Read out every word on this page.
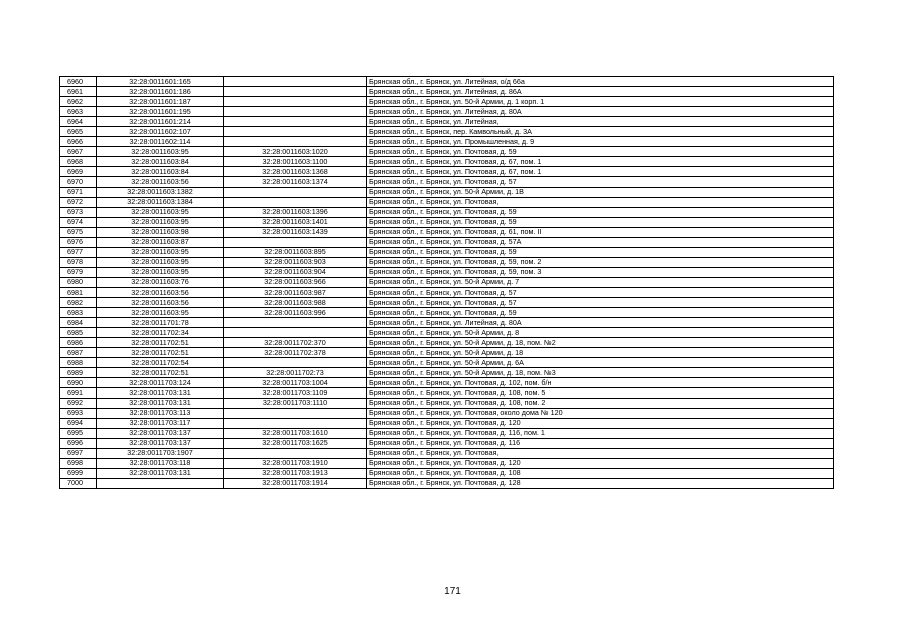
6960	32:28:0011601:165		Брянская обл., г. Брянск, ул. Литейная, о/д 66а
6961	32:28:0011601:186		Брянская обл., г. Брянск, ул. Литейная, д. 86А
6962	32:28:0011601:187		Брянская обл., г. Брянск, ул. 50-й Армии, д. 1 корп. 1
6963	32:28:0011601:195		Брянская обл., г. Брянск, ул. Литейная, д. 80А
6964	32:28:0011601:214		Брянская обл., г. Брянск, ул. Литейная,
6965	32:28:0011602:107		Брянская обл., г. Брянск, пер. Камвольный, д. 3А
6966	32:28:0011602:114		Брянская обл., г. Брянск, ул. Промышленная, д. 9
6967	32:28:0011603:95	32:28:0011603:1020	Брянская обл., г. Брянск, ул. Почтовая, д. 59
6968	32:28:0011603:84	32:28:0011603:1100	Брянская обл., г. Брянск, ул. Почтовая, д. 67, пом. 1
6969	32:28:0011603:84	32:28:0011603:1368	Брянская обл., г. Брянск, ул. Почтовая, д. 67, пом. 1
6970	32:28:0011603:56	32:28:0011603:1374	Брянская обл., г. Брянск, ул. Почтовая, д. 57
6971	32:28:0011603:1382		Брянская обл., г. Брянск, ул. 50-й Армии, д. 1В
6972	32:28:0011603:1384		Брянская обл., г. Брянск, ул. Почтовая,
6973	32:28:0011603:95	32:28:0011603:1396	Брянская обл., г. Брянск, ул. Почтовая, д. 59
6974	32:28:0011603:95	32:28:0011603:1401	Брянская обл., г. Брянск, ул. Почтовая, д. 59
6975	32:28:0011603:98	32:28:0011603:1439	Брянская обл., г. Брянск, ул. Почтовая, д. 61, пом. II
6976	32:28:0011603:87		Брянская обл., г. Брянск, ул. Почтовая, д. 57А
6977	32:28:0011603:95	32:28:0011603:895	Брянская обл., г. Брянск, ул. Почтовая, д. 59
6978	32:28:0011603:95	32:28:0011603:903	Брянская обл., г. Брянск, ул. Почтовая, д. 59, пом. 2
6979	32:28:0011603:95	32:28:0011603:904	Брянская обл., г. Брянск, ул. Почтовая, д. 59, пом. 3
6980	32:28:0011603:76	32:28:0011603:966	Брянская обл., г. Брянск, ул. 50-й Армии, д. 7
6981	32:28:0011603:56	32:28:0011603:987	Брянская обл., г. Брянск, ул. Почтовая, д. 57
6982	32:28:0011603:56	32:28:0011603:988	Брянская обл., г. Брянск, ул. Почтовая, д. 57
6983	32:28:0011603:95	32:28:0011603:996	Брянская обл., г. Брянск, ул. Почтовая, д. 59
6984	32:28:0011701:78		Брянская обл., г. Брянск, ул. Литейная, д. 80А
6985	32:28:0011702:34		Брянская обл., г. Брянск, ул. 50-й Армии, д. 8
6986	32:28:0011702:51	32:28:0011702:370	Брянская обл., г. Брянск, ул. 50-й Армии, д. 18, пом. №2
6987	32:28:0011702:51	32:28:0011702:378	Брянская обл., г. Брянск, ул. 50-й Армии, д. 18
6988	32:28:0011702:54		Брянская обл., г. Брянск, ул. 50-й Армии, д. 6А
6989	32:28:0011702:51	32:28:0011702:73	Брянская обл., г. Брянск, ул. 50-й Армии, д. 18, пом. №3
6990	32:28:0011703:124	32:28:0011703:1004	Брянская обл., г. Брянск, ул. Почтовая, д. 102, пом. б/н
6991	32:28:0011703:131	32:28:0011703:1109	Брянская обл., г. Брянск, ул. Почтовая, д. 108, пом. 5
6992	32:28:0011703:131	32:28:0011703:1110	Брянская обл., г. Брянск, ул. Почтовая, д. 108, пом. 2
6993	32:28:0011703:113		Брянская обл., г. Брянск, ул. Почтовая, около дома № 120
6994	32:28:0011703:117		Брянская обл., г. Брянск, ул. Почтовая, д. 120
6995	32:28:0011703:137	32:28:0011703:1610	Брянская обл., г. Брянск, ул. Почтовая, д. 116, пом. 1
6996	32:28:0011703:137	32:28:0011703:1625	Брянская обл., г. Брянск, ул. Почтовая, д. 116
6997	32:28:0011703:1907		Брянская обл., г. Брянск, ул. Почтовая,
6998	32:28:0011703:118	32:28:0011703:1910	Брянская обл., г. Брянск, ул. Почтовая, д. 120
6999	32:28:0011703:131	32:28:0011703:1913	Брянская обл., г. Брянск, ул. Почтовая, д. 108
7000		32:28:0011703:1914	Брянская обл., г. Брянск, ул. Почтовая, д. 128
171
